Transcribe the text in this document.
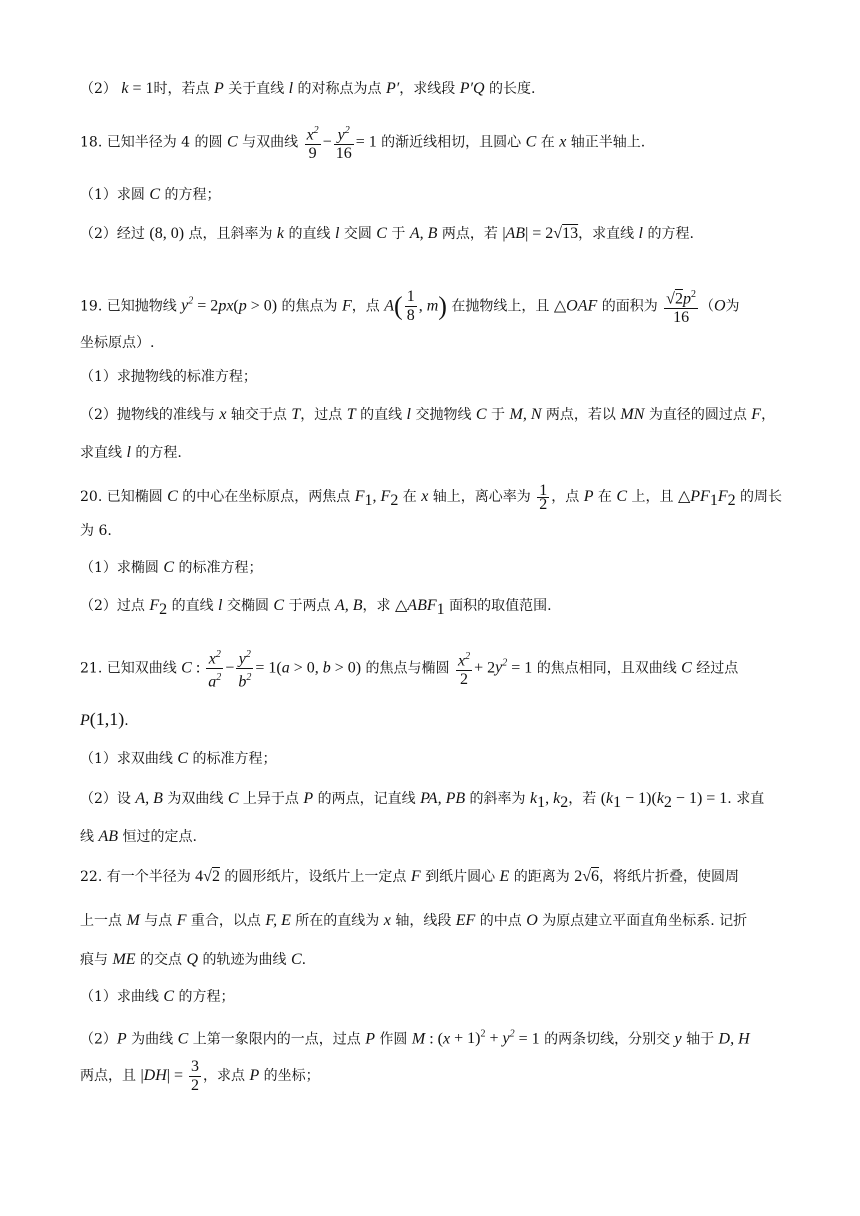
（2） k = 1时，若点 P 关于直线 l 的对称点为点 P′，求线段 P′Q 的长度.
18. 已知半径为 4 的圆 C 与双曲线 $\frac{x^2}{9} - \frac{y^2}{16} = 1$ 的渐近线相切，且圆心 C 在 x 轴正半轴上.
（1）求圆 C 的方程；
（2）经过 (8, 0) 点，且斜率为 k 的直线 l 交圆 C 于 A, B 两点，若 |AB| = 2√13，求直线 l 的方程.
19. 已知抛物线 $y^2 = 2px(p > 0)$ 的焦点为 F，点 $A( \frac{1}{8}$ , m) 在抛物线上，且 △OAF 的面积为 $\frac{√2p^2}{16} (O$为
坐标原点）.
（1）求抛物线的标准方程；
（2）抛物线的准线与 x 轴交于点 T，过点 T 的直线 l 交抛物线 C 于 M, N 两点，若以 MN 为直径的圆过点 F，
求直线 l 的方程.
20. 已知椭圆 C 的中心在坐标原点，两焦点 $F_1$, $F_2$ 在 x 轴上，离心率为 $\frac{1}{2}$ ，点 P 在 C 上，且 $\triangle PF_1F_2$ 的周长
为 6.
（1）求椭圆 C 的标准方程；
（2）过点 $F_2$ 的直线 l 交椭圆 C 于两点 A, B，求 $\triangle ABF_1$ 面积的取值范围.
21. 已知双曲线 C : $\frac{x^2}{a^2} - \frac{y^2}{b^2} = 1(a > 0$, b > 0) 的焦点与椭圆 $\frac{x^2}{2} + 2y^2 = 1$ 的焦点相同，且双曲线 C 经过点
P(1,1).
（1）求双曲线 C 的标准方程；
（2）设 A, B 为双曲线 C 上异于点 P 的两点，记直线 PA, PB 的斜率为 $k_1$, $k_2$，若 $(k_1 - 1)(k_2 - 1) = 1$. 求直
线 AB 恒过的定点.
22. 有一个半径为 4√2 的圆形纸片，设纸片上一定点 F 到纸片圆心 E 的距离为 2√6，将纸片折叠，使圆周
上一点 M 与点 F 重合，以点 F, E 所在的直线为 x 轴，线段 EF 的中点 O 为原点建立平面直角坐标系. 记折
痕与 ME 的交点 Q 的轨迹为曲线 C.
（1）求曲线 C 的方程；
（2）P 为曲线 C 上第一象限内的一点，过点 P 作圆 M : $(x + 1)^2 + y^2 = 1$ 的两条切线，分别交 y 轴于 D, H
两点，且 $|DH| = \frac{3}{2}$ ，求点 P 的坐标；
